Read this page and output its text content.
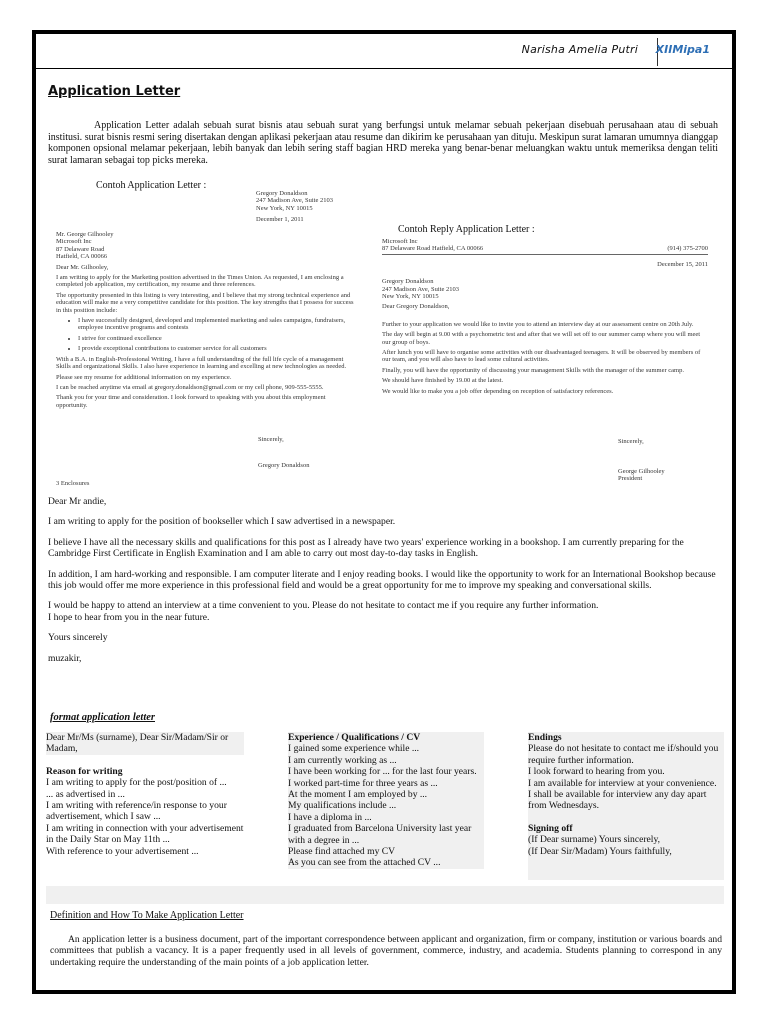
Narisha Amelia Putri XIIMipa1
Application Letter

Application Letter adalah sebuah surat bisnis atau sebuah surat yang berfungsi untuk melamar sebuah pekerjaan disebuah perusahaan atau di sebuah institusi. surat bisnis resmi sering disertakan dengan aplikasi pekerjaan atau resume dan dikirim ke perusahaan yan dituju. Meskipun surat lamaran umumnya dianggap komponen opsional melamar pekerjaan, lebih banyak dan lebih sering staff bagian HRD mereka yang benar-benar meluangkan waktu untuk memeriksa dengan teliti surat lamaran sebagai top picks mereka.

Contoh Application Letter :
Contoh Reply Application Letter :
Gregory Donaldson
247 Madison Ave, Suite 2103
New York, NY 10015
December 1, 2011

Mr. George Gilhooley
Microsoft Inc
87 Delaware Road
Hatfield, CA 00066

Dear Mr. Gilhooley,

I am writing to apply for the Marketing position advertised in the Times Union. As requested, I am enclosing a completed job application, my certification, my resume and three references.

The opportunity presented in this listing is very interesting, and I believe that my strong technical experience and education will make me a very competitive candidate for this position. The key strengths that I possess for success in this position include:

• I have successfully designed, developed and implemented marketing and sales campaigns, fundraisers, employee incentive programs and contests
• I strive for continued excellence
• I provide exceptional contributions to customer service for all customers

With a B.A. in English-Professional Writing, I have a full understanding of the full life cycle of a management Skills and organizational Skills. I also have experience in learning and excelling at new technologies as needed.

Please see my resume for additional information on my experience.

I can be reached anytime via email at gregory.donaldson@gmail.com or my cell phone, 909-555-5555.

Thank you for your time and consideration. I look forward to speaking with you about this employment opportunity.

Sincerely,
Gregory Donaldson
3 Enclosures
Microsoft Inc
87 Delaware Road Hatfield, CA 00066	(914) 375-2700
December 15, 2011

Gregory Donaldson
247 Madison Ave, Suite 2103
New York, NY 10015

Dear Gregory Donaldson,

Further to your application we would like to invite you to attend an interview day at our assessment centre on 20th July.

The day will begin at 9.00 with a psychometric test and after that we will set off to our summer camp where you will meet our group of boys.

After lunch you will have to organise some activities with our disadvantaged teenagers. It will be observed by members of our team, and you will also have to lead some cultural activities.

Finally, you will have the opportunity of discussing your management Skills with the manager of the summer camp.

We should have finished by 19.00 at the latest.

We would like to make you a job offer depending on reception of satisfactory references.

Sincerely,
George Gilhooley
President

Dear Mr andie,

I am writing to apply for the position of bookseller which I saw advertised in a newspaper.

I believe I have all the necessary skills and qualifications for this post as I already have two years' experience working in a bookshop. I am currently preparing for the Cambridge First Certificate in English Examination and I am able to carry out most day-to-day tasks in English.

In addition, I am hard-working and responsible. I am computer literate and I enjoy reading books. I would like the opportunity to work for an International Bookshop because this job would offer me more experience in this professional field and would be a great opportunity for me to improve my speaking and conversational skills.

I would be happy to attend an interview at a time convenient to you. Please do not hesitate to contact me if you require any further information.
I hope to hear from you in the near future.

Yours sincerely

muzakir,

format application letter
Dear Mr/Ms (surname), Dear Sir/Madam/Sir or Madam,
Reason for writing
I am writing to apply for the post/position of ...
... as advertised in ...
I am writing with reference/in response to your advertisement, which I saw ...
I am writing in connection with your advertisement in the Daily Star on May 11th ...
With reference to your advertisement ...
Experience / Qualifications / CV
I gained some experience while ...
I am currently working as ...
I have been working for ... for the last four years.
I worked part-time for three years as ...
At the moment I am employed by ...
My qualifications include ...
I have a diploma in ...
I graduated from Barcelona University last year with a degree in ...
Please find attached my CV
As you can see from the attached CV ...
Endings
Please do not hesitate to contact me if/should you require further information.
I look forward to hearing from you.
I am available for interview at your convenience.
I shall be available for interview any day apart from Wednesdays.
Signing off
(If Dear surname) Yours sincerely,
(If Dear Sir/Madam) Yours faithfully,
Definition and How To Make Application Letter

An application letter is a business document, part of the important correspondence between applicant and organization, firm or company, institution or various boards and committees that publish a vacancy. It is a paper frequently used in all levels of government, commerce, industry, and academia. Students planning to correspond in any undertaking require the understanding of the main points of a job application letter.
